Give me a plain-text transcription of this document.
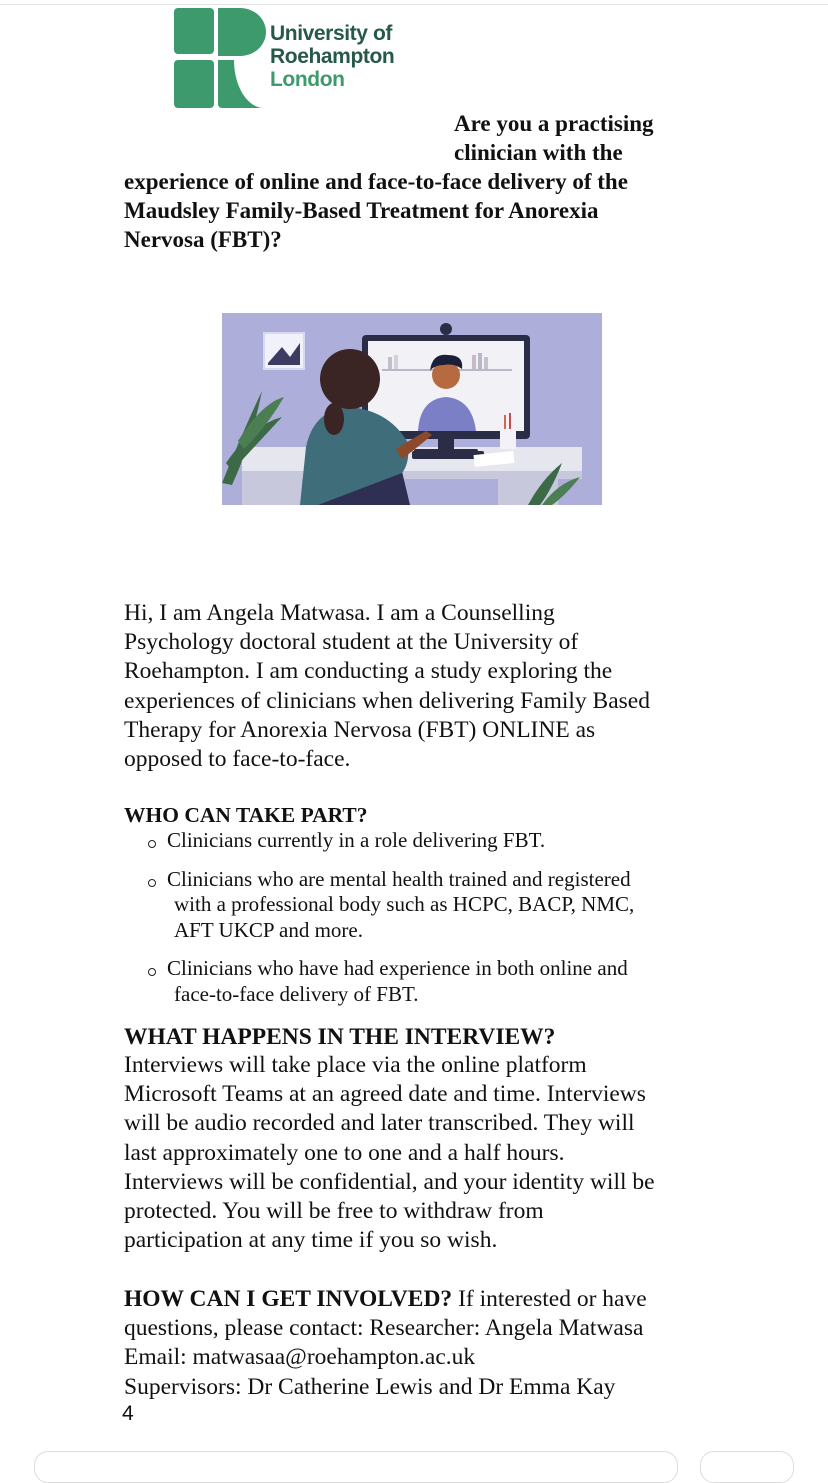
University of
Roehampton
London
Are you a practising
clinician with the
experience of online and face-to-face delivery of the
Maudsley Family-Based Treatment for Anorexia
Nervosa (FBT)?
Hi, I am Angela Matwasa. I am a Counselling
Psychology doctoral student at the University of
Roehampton. I am conducting a study exploring the
experiences of clinicians when delivering Family Based
Therapy for Anorexia Nervosa (FBT) ONLINE as
opposed to face-to-face.
WHO CAN TAKE PART?
Clinicians currently in a role delivering FBT.
Clinicians who are mental health trained and registered
with a professional body such as HCPC, BACP, NMC,
AFT UKCP and more.
Clinicians who have had experience in both online and
face-to-face delivery of FBT.
WHAT HAPPENS IN THE INTERVIEW?
Interviews will take place via the online platform
Microsoft Teams at an agreed date and time. Interviews
will be audio recorded and later transcribed. They will
last approximately one to one and a half hours.
Interviews will be confidential, and your identity will be
protected. You will be free to withdraw from
participation at any time if you so wish.
HOW CAN I GET INVOLVED? If interested or have
questions, please contact: Researcher: Angela Matwasa
Email: matwasaa@roehampton.ac.uk
Supervisors: Dr Catherine Lewis and Dr Emma Kay
4
